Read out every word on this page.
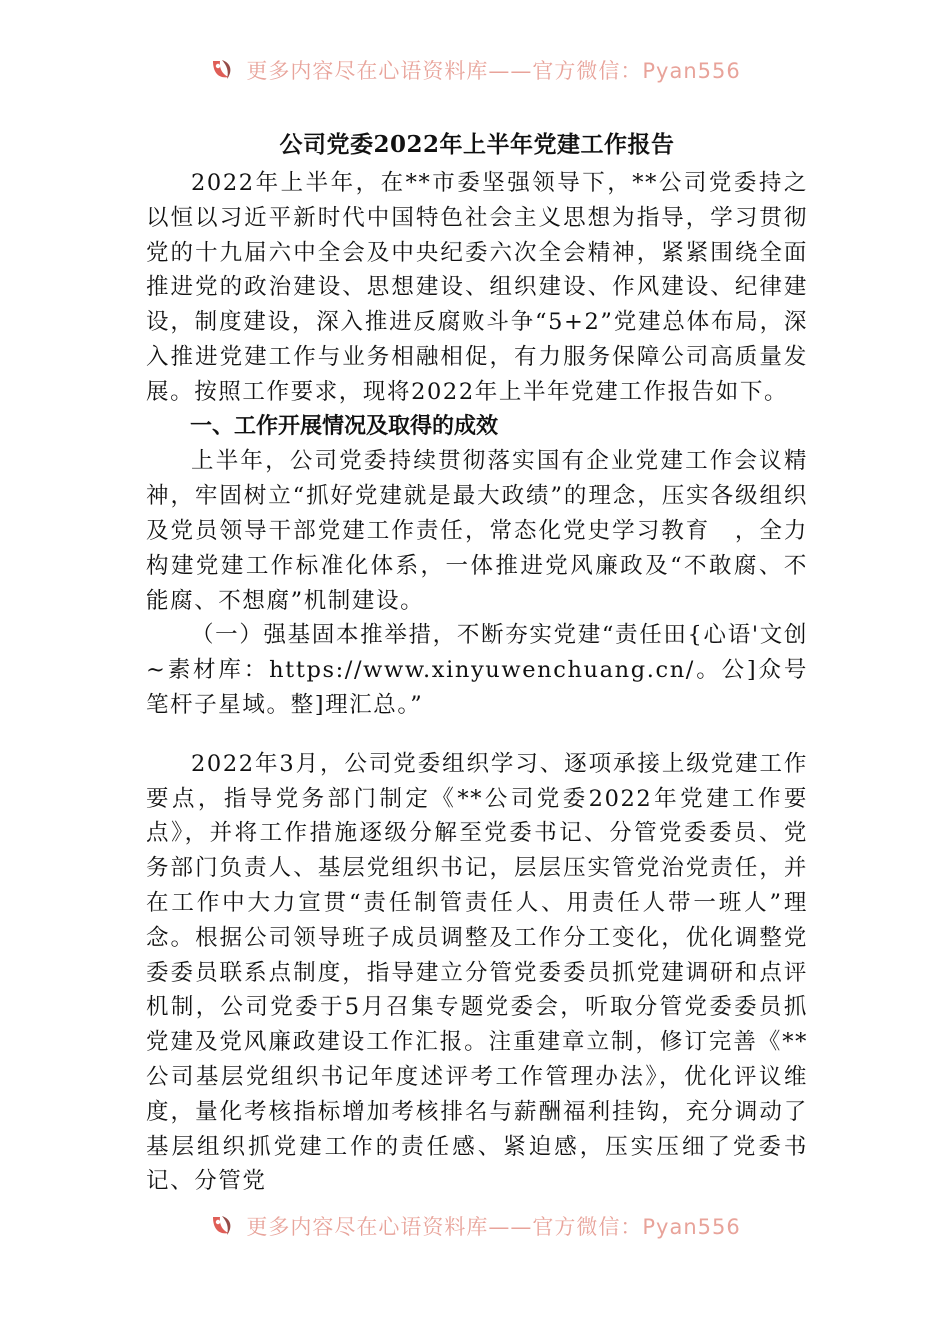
更多内容尽在心语资料库——官方微信：Pyan556
公司党委2022年上半年党建工作报告

2022年上半年，在**市委坚强领导下，**公司党委持之以恒以习近平新时代中国特色社会主义思想为指导，学习贯彻党的十九届六中全会及中央纪委六次全会精神，紧紧围绕全面推进党的政治建设、思想建设、组织建设、作风建设、纪律建设，制度建设，深入推进反腐败斗争“5+2”党建总体布局，深入推进党建工作与业务相融相促，有力服务保障公司高质量发展。按照工作要求，现将2022年上半年党建工作报告如下。

一、工作开展情况及取得的成效

上半年，公司党委持续贯彻落实国有企业党建工作会议精神，牢固树立“抓好党建就是最大政绩”的理念，压实各级组织及党员领导干部党建工作责任，常态化党史学习教育　，全力构建党建工作标准化体系，一体推进党风廉政及“不敢腐、不能腐、不想腐”机制建设。

（一）强基固本推举措，不断夯实党建“责任田{心语'文创~素材库：https://www.xinyuwenchuang.cn/。公]众号笔杆子星域。整]理汇总。”

2022年3月，公司党委组织学习、逐项承接上级党建工作要点，指导党务部门制定《**公司党委2022年党建工作要点》，并将工作措施逐级分解至党委书记、分管党委委员、党务部门负责人、基层党组织书记，层层压实管党治党责任，并在工作中大力宣贯“责任制管责任人、用责任人带一班人”理念。根据公司领导班子成员调整及工作分工变化，优化调整党委委员联系点制度，指导建立分管党委委员抓党建调研和点评机制，公司党委于5月召集专题党委会，听取分管党委委员抓党建及党风廉政建设工作汇报。注重建章立制，修订完善《**公司基层党组织书记年度述评考工作管理办法》，优化评议维度，量化考核指标增加考核排名与薪酬福利挂钩，充分调动了基层组织抓党建工作的责任感、紧迫感，压实压细了党委书记、分管党

更多内容尽在心语资料库——官方微信：Pyan556
